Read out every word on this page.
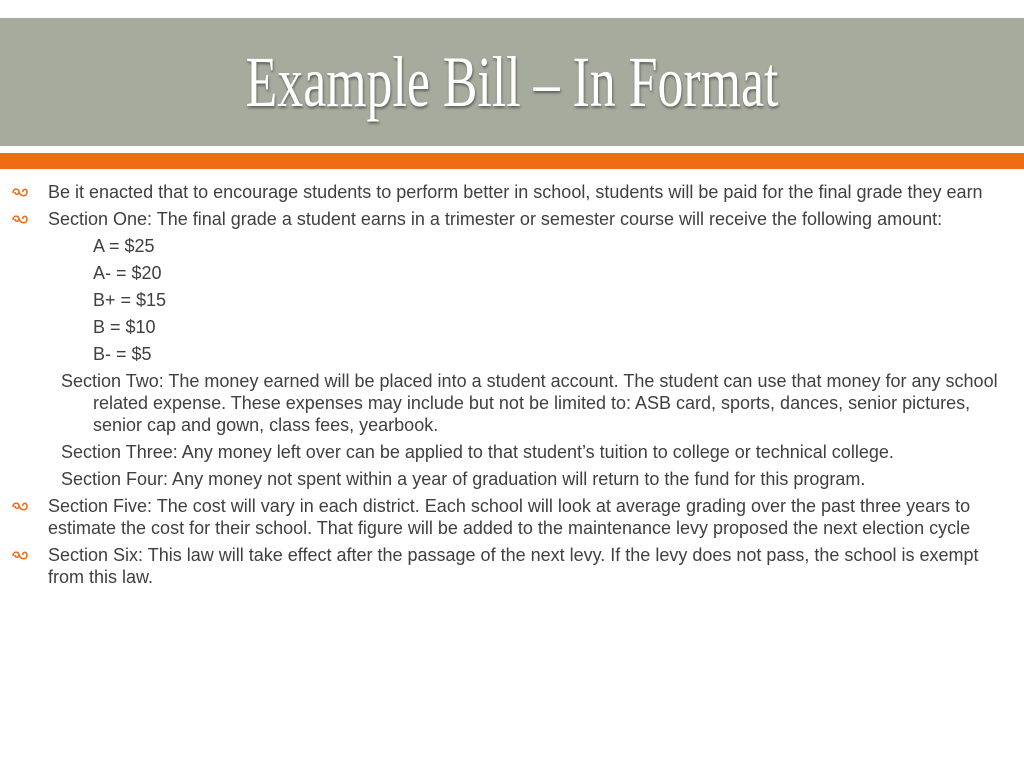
Example Bill – In Format
Be it enacted that to encourage students to perform better in school, students will be paid for the final grade they earn
Section One: The final grade a student earns in a trimester or semester course will receive the following amount:
A = $25
A- = $20
B+ = $15
B = $10
B- = $5
Section Two: The money earned will be placed into a student account. The student can use that money for any school related expense. These expenses may include but not be limited to: ASB card, sports, dances, senior pictures, senior cap and gown, class fees, yearbook.
Section Three: Any money left over can be applied to that student’s tuition to college or technical college.
Section Four: Any money not spent within a year of graduation will return to the fund for this program.
Section Five: The cost will vary in each district. Each school will look at average grading over the past three years to estimate the cost for their school. That figure will be added to the maintenance levy proposed the next election cycle
Section Six: This law will take effect after the passage of the next levy. If the levy does not pass, the school is exempt from this law.
